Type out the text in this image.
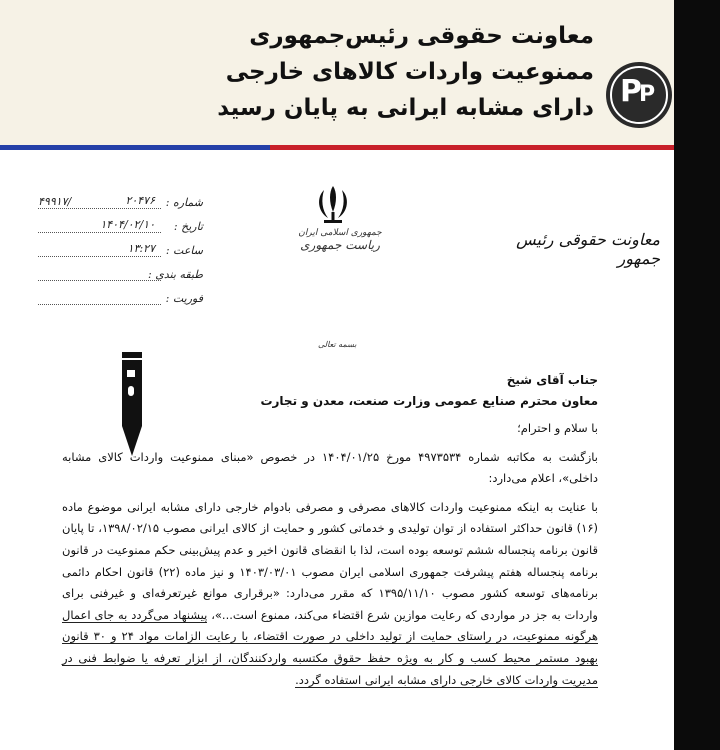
معاونت حقوقی رئیس‌جمهوری
ممنوعیت واردات کالاهای خارجی
دارای مشابه ایرانی به پایان رسید P
P
۴۹۹۱۷/	شماره :
۲۰۴۷۶
تاریخ :
۱۴۰۴/۰۲/۱۰
ساعت :
۱۳:۲۷
طبقه بندی :
فوریت :
جمهوری اسلامی ایران
ریاست جمهوری	معاونت حقوقی رئیس جمهور
بسمه تعالی
جناب آقای شیخ
معاون محترم صنایع عمومی وزارت صنعت، معدن و تجارت

با سلام و احترام؛

بازگشت به مکاتبه شماره ۴۹۷۳۵۳۴ مورخ ۱۴۰۴/۰۱/۲۵ در خصوص «مبنای ممنوعیت واردات کالای مشابه داخلی»، اعلام می‌دارد:

با عنایت به اینکه ممنوعیت واردات کالاهای مصرفی و مصرفی بادوام خارجی دارای مشابه ایرانی موضوع ماده (۱۶) قانون حداکثر استفاده از توان تولیدی و خدماتی کشور و حمایت از کالای ایرانی مصوب ۱۳۹۸/۰۲/۱۵، تا پایان قانون برنامه پنجساله ششم توسعه بوده است، لذا با انقضای قانون اخیر و عدم پیش‌بینی حکم ممنوعیت در قانون برنامه پنجساله هفتم پیشرفت جمهوری اسلامی ایران مصوب ۱۴۰۳/۰۳/۰۱ و نیز ماده (۲۲) قانون احکام دائمی برنامه‌های توسعه کشور مصوب ۱۳۹۵/۱۱/۱۰ که مقرر می‌دارد: «برقراری موانع غیرتعرفه‌ای و غیرفنی برای واردات به جز در مواردی که رعایت موازین شرع اقتضاء می‌کند، ممنوع است...»، پیشنهاد می‌گردد به جای اعمال هرگونه ممنوعیت، در راستای حمایت از تولید داخلی در صورت اقتضاء، با رعایت الزامات مواد ۲۴ و ۳۰ قانون بهبود مستمر محیط کسب و کار به ویژه حفظ حقوق مکتسبه واردکنندگان، از ابزار تعرفه یا ضوابط فنی در مدیریت واردات کالای خارجی دارای مشابه ایرانی استفاده گردد.
